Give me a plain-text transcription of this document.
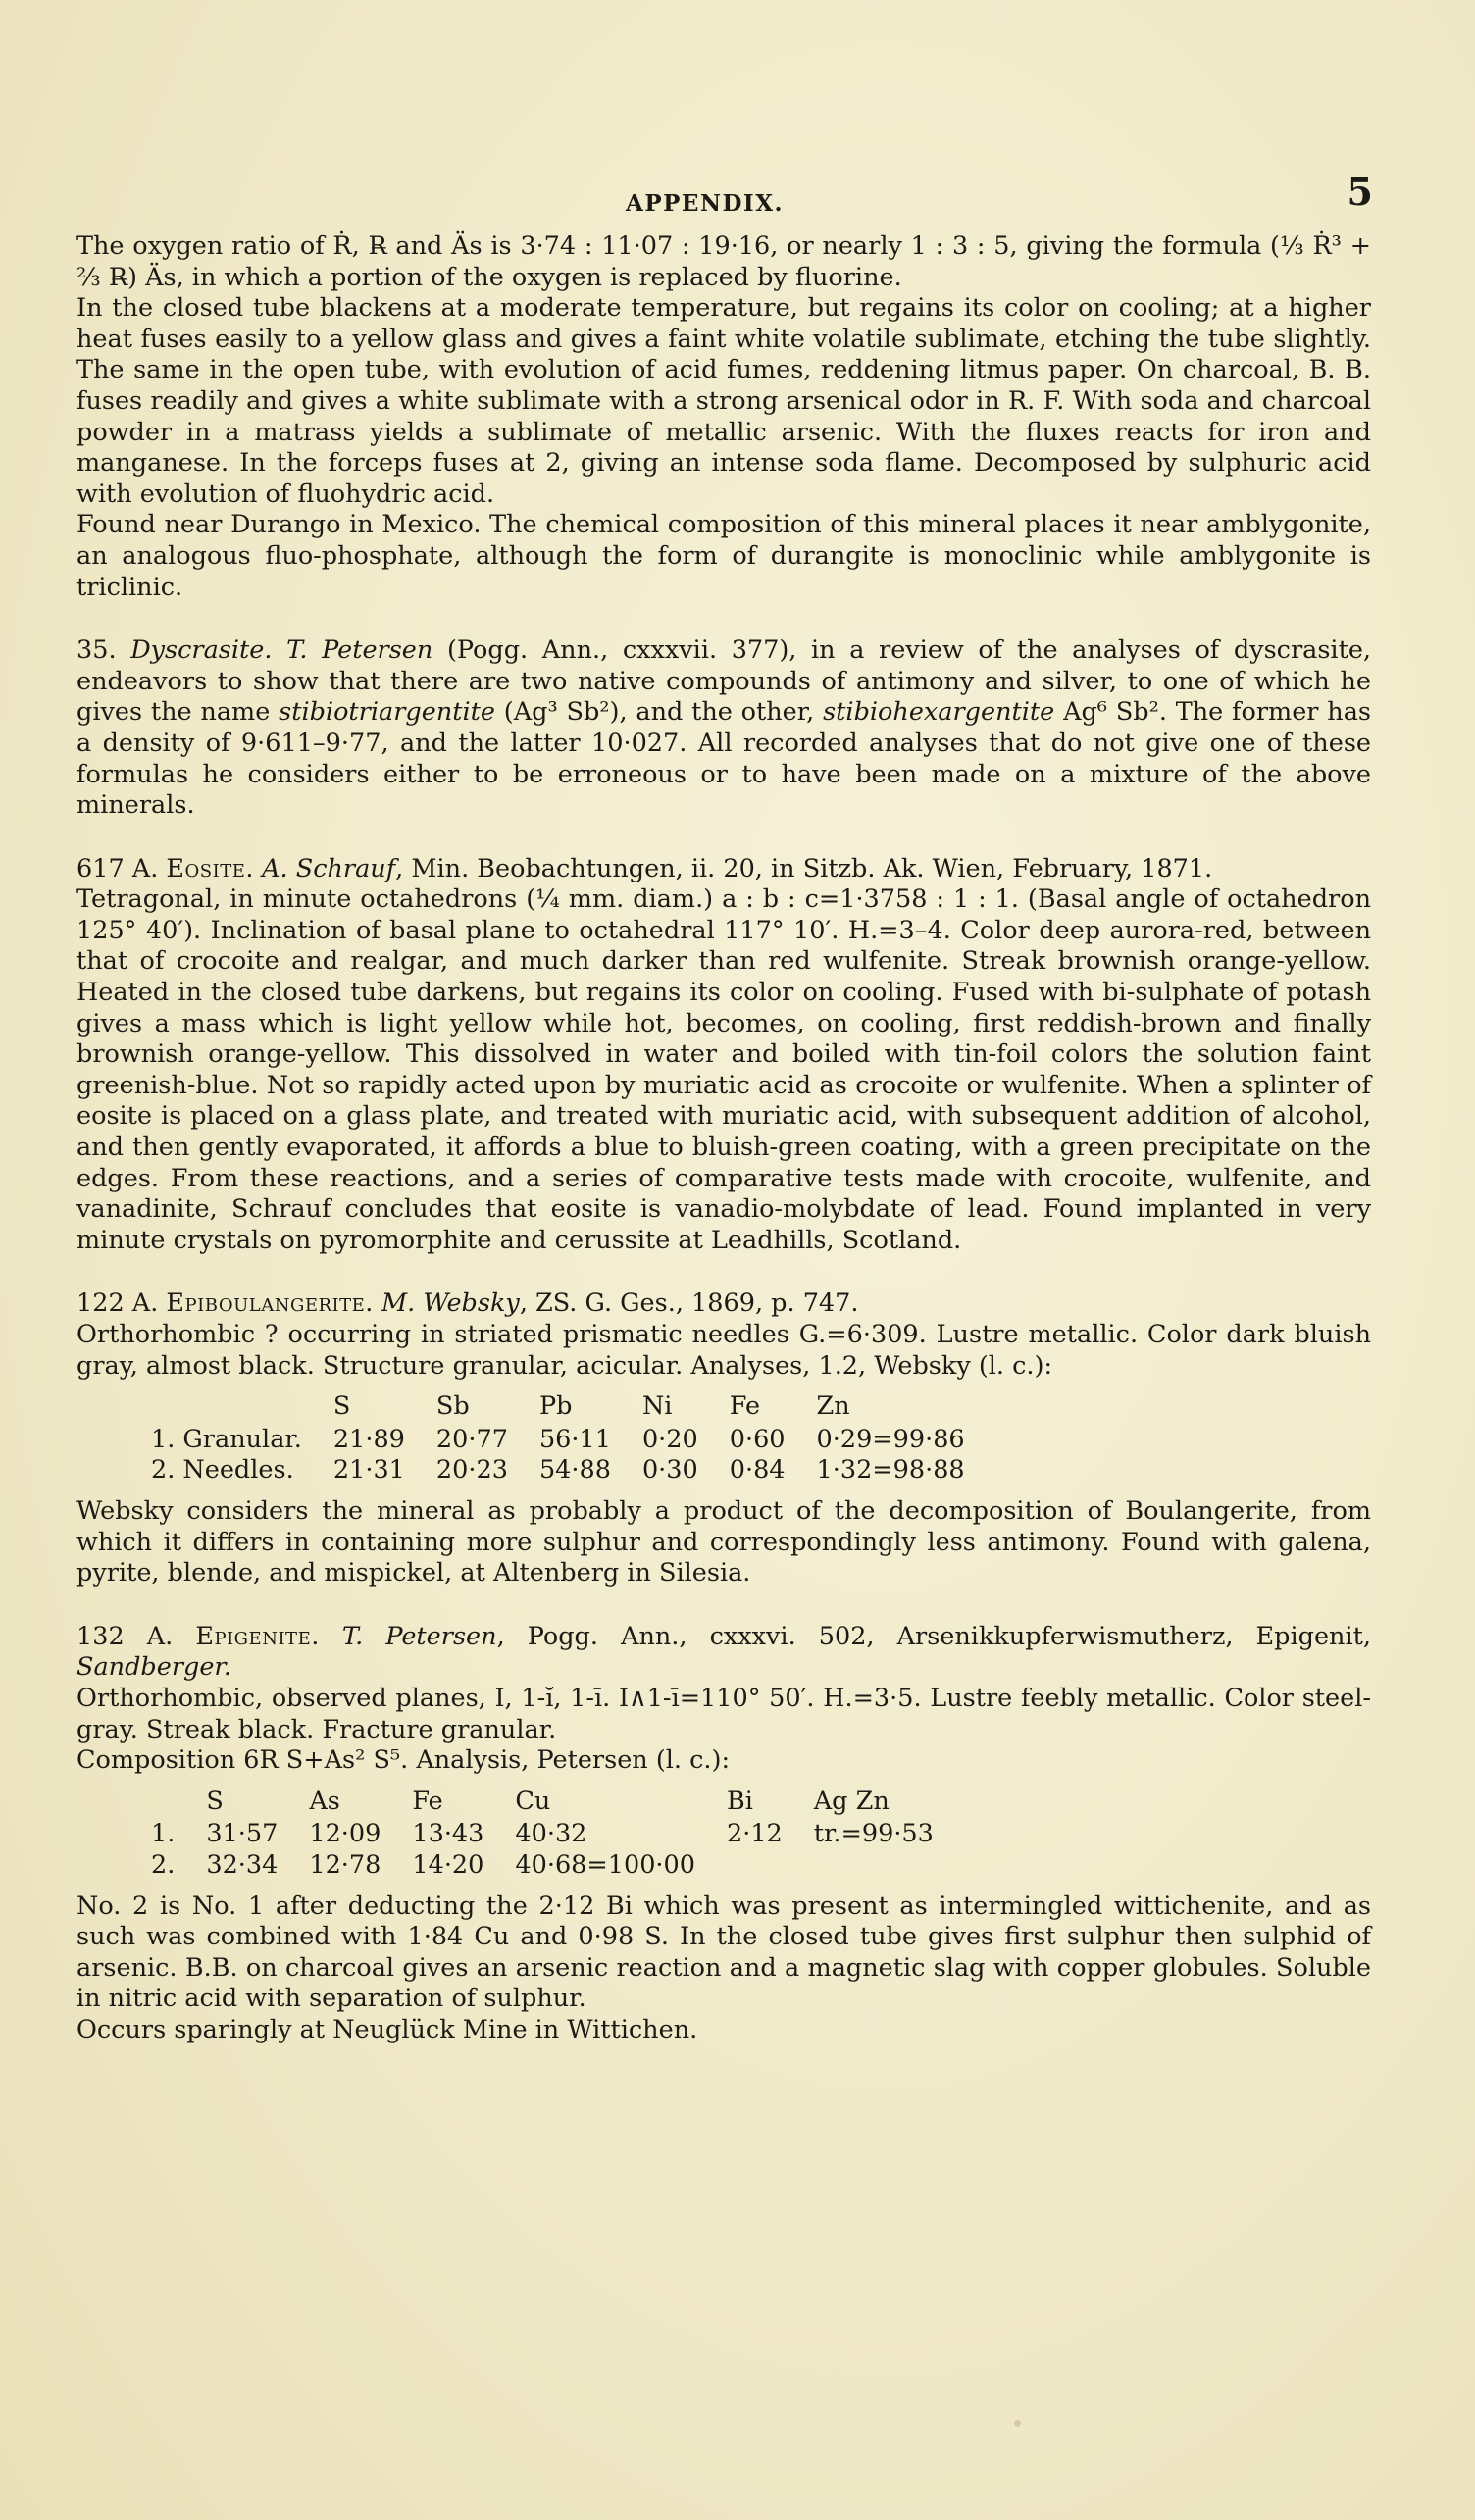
APPENDIX.	5

The oxygen ratio of Ṙ, R̶ and Äs is 3·74 : 11·07 : 19·16, or nearly 1 : 3 : 5, giving the formula (⅓ Ṙ³ + ⅔ R̶) Äs, in which a portion of the oxygen is replaced by fluorine.

In the closed tube blackens at a moderate temperature, but regains its color on cooling; at a higher heat fuses easily to a yellow glass and gives a faint white volatile sublimate, etching the tube slightly. The same in the open tube, with evolution of acid fumes, reddening litmus paper. On charcoal, B. B. fuses readily and gives a white sublimate with a strong arsenical odor in R. F. With soda and charcoal powder in a matrass yields a sublimate of metallic arsenic. With the fluxes reacts for iron and manganese. In the forceps fuses at 2, giving an intense soda flame. Decomposed by sulphuric acid with evolution of fluohydric acid.

Found near Durango in Mexico. The chemical composition of this mineral places it near amblygonite, an analogous fluo-phosphate, although the form of durangite is monoclinic while amblygonite is triclinic.

35. Dyscrasite. T. Petersen (Pogg. Ann., cxxxvii. 377), in a review of the analyses of dyscrasite, endeavors to show that there are two native compounds of antimony and silver, to one of which he gives the name stibiotriargentite (Ag³ Sb²), and the other, stibiohexargentite Ag⁶ Sb². The former has a density of 9·611–9·77, and the latter 10·027. All recorded analyses that do not give one of these formulas he considers either to be erroneous or to have been made on a mixture of the above minerals.

617 A. Eosite. A. Schrauf, Min. Beobachtungen, ii. 20, in Sitzb. Ak. Wien, February, 1871.

Tetragonal, in minute octahedrons (¼ mm. diam.) a : b : c=1·3758 : 1 : 1. (Basal angle of octahedron 125° 40′). Inclination of basal plane to octahedral 117° 10′. H.=3–4. Color deep aurora-red, between that of crocoite and realgar, and much darker than red wulfenite. Streak brownish orange-yellow. Heated in the closed tube darkens, but regains its color on cooling. Fused with bi-sulphate of potash gives a mass which is light yellow while hot, becomes, on cooling, first reddish-brown and finally brownish orange-yellow. This dissolved in water and boiled with tin-foil colors the solution faint greenish-blue. Not so rapidly acted upon by muriatic acid as crocoite or wulfenite. When a splinter of eosite is placed on a glass plate, and treated with muriatic acid, with subsequent addition of alcohol, and then gently evaporated, it affords a blue to bluish-green coating, with a green precipitate on the edges. From these reactions, and a series of comparative tests made with crocoite, wulfenite, and vanadinite, Schrauf concludes that eosite is vanadio-molybdate of lead. Found implanted in very minute crystals on pyromorphite and cerussite at Leadhills, Scotland.

122 A. Epiboulangerite. M. Websky, ZS. G. Ges., 1869, p. 747.

Orthorhombic ? occurring in striated prismatic needles G.=6·309. Lustre metallic. Color dark bluish gray, almost black. Structure granular, acicular. Analyses, 1.2, Websky (l. c.):

	S	Sb	Pb	Ni	Fe	Zn
1. Granular.	21·89	20·77	56·11	0·20	0·60	0·29=99·86
2. Needles.	21·31	20·23	54·88	0·30	0·84	1·32=98·88

Websky considers the mineral as probably a product of the decomposition of Boulangerite, from which it differs in containing more sulphur and correspondingly less antimony. Found with galena, pyrite, blende, and mispickel, at Altenberg in Silesia.

132 A. Epigenite. T. Petersen, Pogg. Ann., cxxxvi. 502, Arsenikkupferwismutherz, Epigenit, Sandberger.

Orthorhombic, observed planes, I, 1-ĭ, 1-ī. I∧1-ī=110° 50′. H.=3·5. Lustre feebly metallic. Color steel-gray. Streak black. Fracture granular.

Composition 6R S+As² S⁵. Analysis, Petersen (l. c.):

	S	As	Fe	Cu	Bi	Ag Zn
1.	31·57	12·09	13·43	40·32	2·12	tr.=99·53
2.	32·34	12·78	14·20	40·68=100·00		

No. 2 is No. 1 after deducting the 2·12 Bi which was present as intermingled wittichenite, and as such was combined with 1·84 Cu and 0·98 S. In the closed tube gives first sulphur then sulphid of arsenic. B.B. on charcoal gives an arsenic reaction and a magnetic slag with copper globules. Soluble in nitric acid with separation of sulphur.

Occurs sparingly at Neuglück Mine in Wittichen.
